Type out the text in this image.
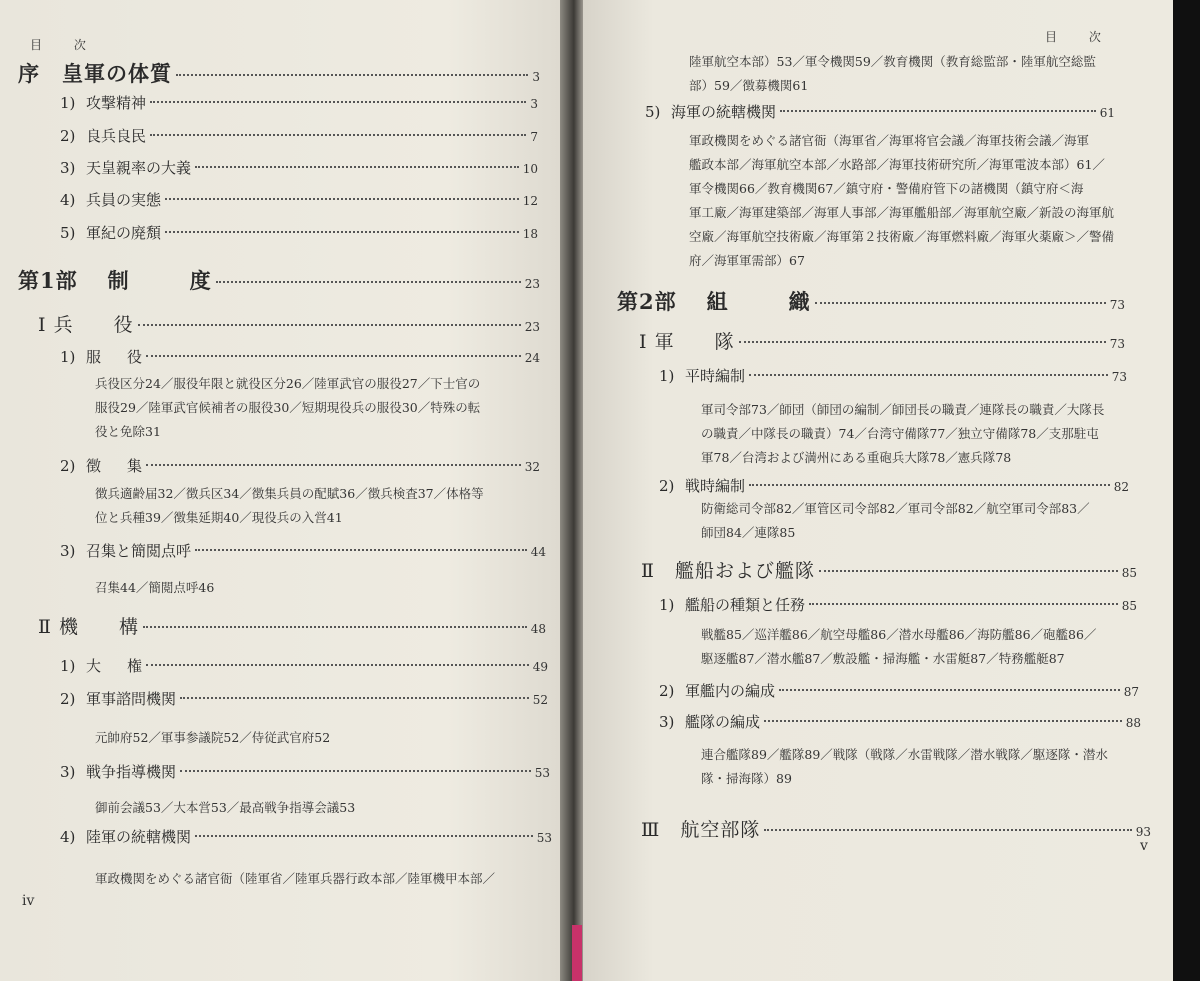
目 次
序　皇軍の体質	3
1) 攻撃精神	3
2) 良兵良民	7
3) 天皇親率の大義	10
4) 兵員の実態	12
5) 軍紀の廃頽	18
第1部 制	度	23
Ⅰ 兵 役	23
1) 服 役	24
兵役区分24／服役年限と就役区分26／陸軍武官の服役27／下士官の
服役29／陸軍武官候補者の服役30／短期現役兵の服役30／特殊の転
役と免除31
2) 徴 集	32
徴兵適齢届32／徴兵区34／徴集兵員の配賦36／徴兵検査37／体格等
位と兵種39／徴集延期40／現役兵の入営41
3) 召集と簡閲点呼	44
召集44／簡閲点呼46
Ⅱ 機 構	48
1) 大 権	49
2) 軍事諮問機関	52
元帥府52／軍事参議院52／侍従武官府52
3) 戦争指導機関	53
御前会議53／大本営53／最高戦争指導会議53
4) 陸軍の統轄機関	53
軍政機関をめぐる諸官衙（陸軍省／陸軍兵器行政本部／陸軍機甲本部／
iv
目 次
陸軍航空本部）53／軍令機関59／教育機関（教育総監部・陸軍航空総監
部）59／徴募機関61
5) 海軍の統轄機関	61
軍政機関をめぐる諸官衙（海軍省／海軍将官会議／海軍技術会議／海軍
艦政本部／海軍航空本部／水路部／海軍技術研究所／海軍電波本部）61／
軍令機関66／教育機関67／鎮守府・警備府管下の諸機関（鎮守府＜海
軍工廠／海軍建築部／海軍人事部／海軍艦船部／海軍航空廠／新設の海軍航
空廠／海軍航空技術廠／海軍第２技術廠／海軍燃料廠／海軍火薬廠＞／警備
府／海軍軍需部）67
第2部 組	織	73
Ⅰ 軍 隊	73
1) 平時編制	73
軍司令部73／師団（師団の編制／師団長の職責／連隊長の職責／大隊長
の職責／中隊長の職責）74／台湾守備隊77／独立守備隊78／支那駐屯
軍78／台湾および満州にある重砲兵大隊78／憲兵隊78
2) 戦時編制	82
防衛総司令部82／軍管区司令部82／軍司令部82／航空軍司令部83／
師団84／連隊85
Ⅱ　 艦船および艦隊	85
1) 艦船の種類と任務	85
戦艦85／巡洋艦86／航空母艦86／潜水母艦86／海防艦86／砲艦86／
駆逐艦87／潜水艦87／敷設艦・掃海艦・水雷艇87／特務艦艇87
2) 軍艦内の編成	87
3) 艦隊の編成	88
連合艦隊89／艦隊89／戦隊（戦隊／水雷戦隊／潜水戦隊／駆逐隊・潜水
隊・掃海隊）89
Ⅲ　 航空部隊	93
v
